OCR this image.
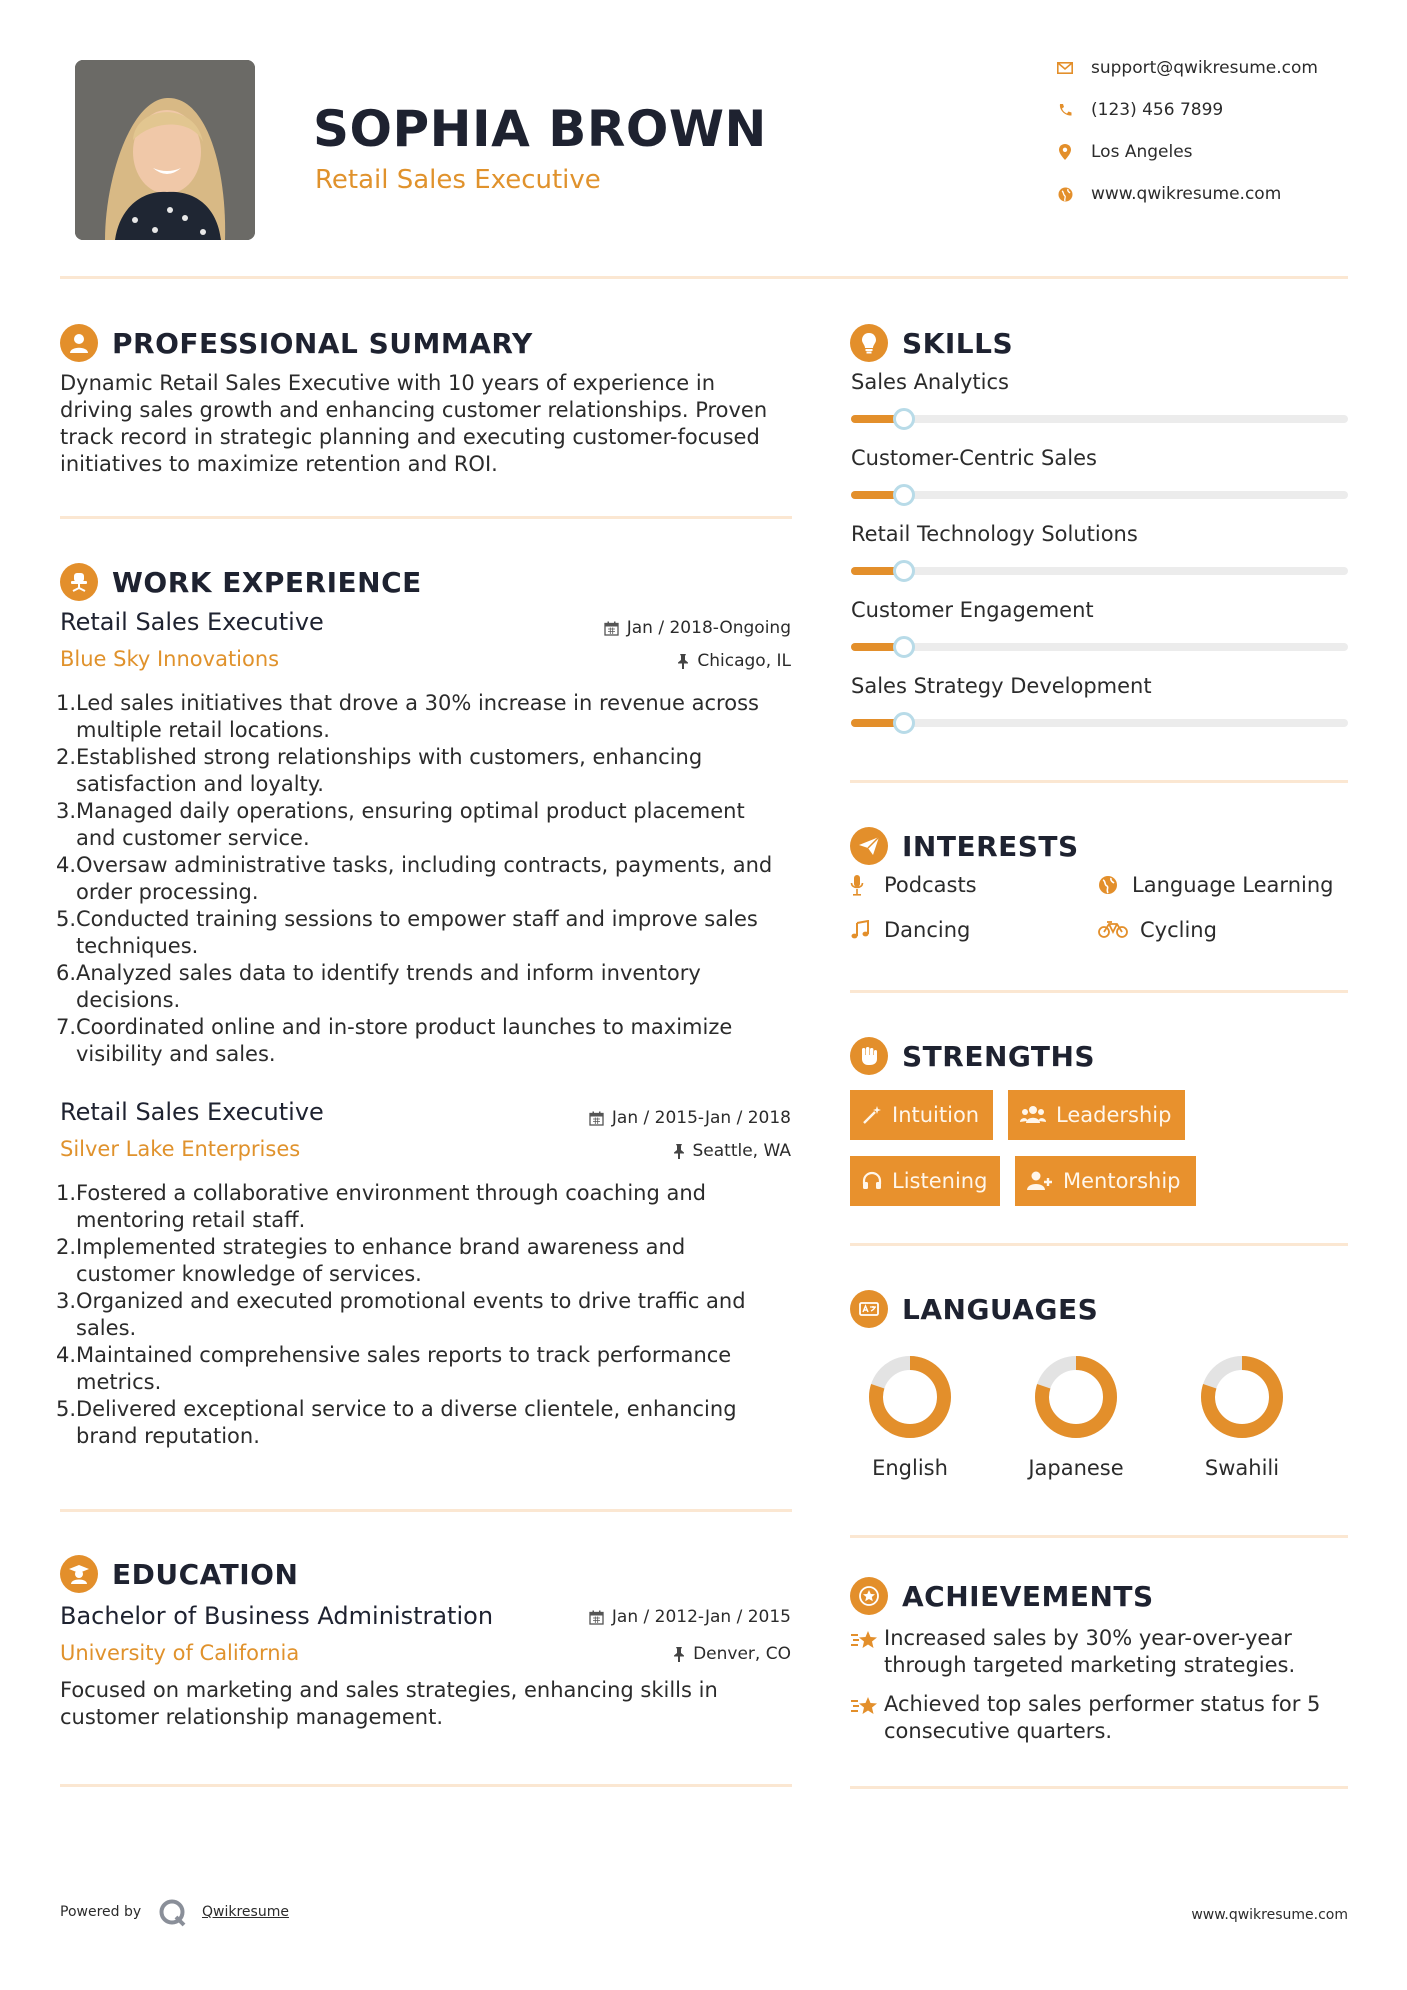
SOPHIA BROWN
Retail Sales Executive
support@qwikresume.com
(123) 456 7899
Los Angeles
www.qwikresume.com
PROFESSIONAL SUMMARY
Dynamic Retail Sales Executive with 10 years of experience in driving sales growth and enhancing customer relationships. Proven track record in strategic planning and executing customer-focused initiatives to maximize retention and ROI.
WORK EXPERIENCE
Retail Sales Executive	Jan / 2018-Ongoing
Blue Sky Innovations	Chicago, IL
1. Led sales initiatives that drove a 30% increase in revenue across multiple retail locations.
2. Established strong relationships with customers, enhancing satisfaction and loyalty.
3. Managed daily operations, ensuring optimal product placement and customer service.
4. Oversaw administrative tasks, including contracts, payments, and order processing.
5. Conducted training sessions to empower staff and improve sales techniques.
6. Analyzed sales data to identify trends and inform inventory decisions.
7. Coordinated online and in-store product launches to maximize visibility and sales.
Retail Sales Executive	Jan / 2015-Jan / 2018
Silver Lake Enterprises	Seattle, WA
1. Fostered a collaborative environment through coaching and mentoring retail staff.
2. Implemented strategies to enhance brand awareness and customer knowledge of services.
3. Organized and executed promotional events to drive traffic and sales.
4. Maintained comprehensive sales reports to track performance metrics.
5. Delivered exceptional service to a diverse clientele, enhancing brand reputation.
EDUCATION
Bachelor of Business Administration	Jan / 2012-Jan / 2015
University of California	Denver, CO
Focused on marketing and sales strategies, enhancing skills in customer relationship management.
SKILLS
Sales Analytics
Customer-Centric Sales
Retail Technology Solutions
Customer Engagement
Sales Strategy Development
INTERESTS
Podcasts	Language Learning
Dancing	Cycling
STRENGTHS
Intuition	Leadership
Listening	Mentorship
LANGUAGES
English	Japanese	Swahili
ACHIEVEMENTS
Increased sales by 30% year-over-year through targeted marketing strategies.
Achieved top sales performer status for 5 consecutive quarters.
Powered by	Qwikresume	www.qwikresume.com
